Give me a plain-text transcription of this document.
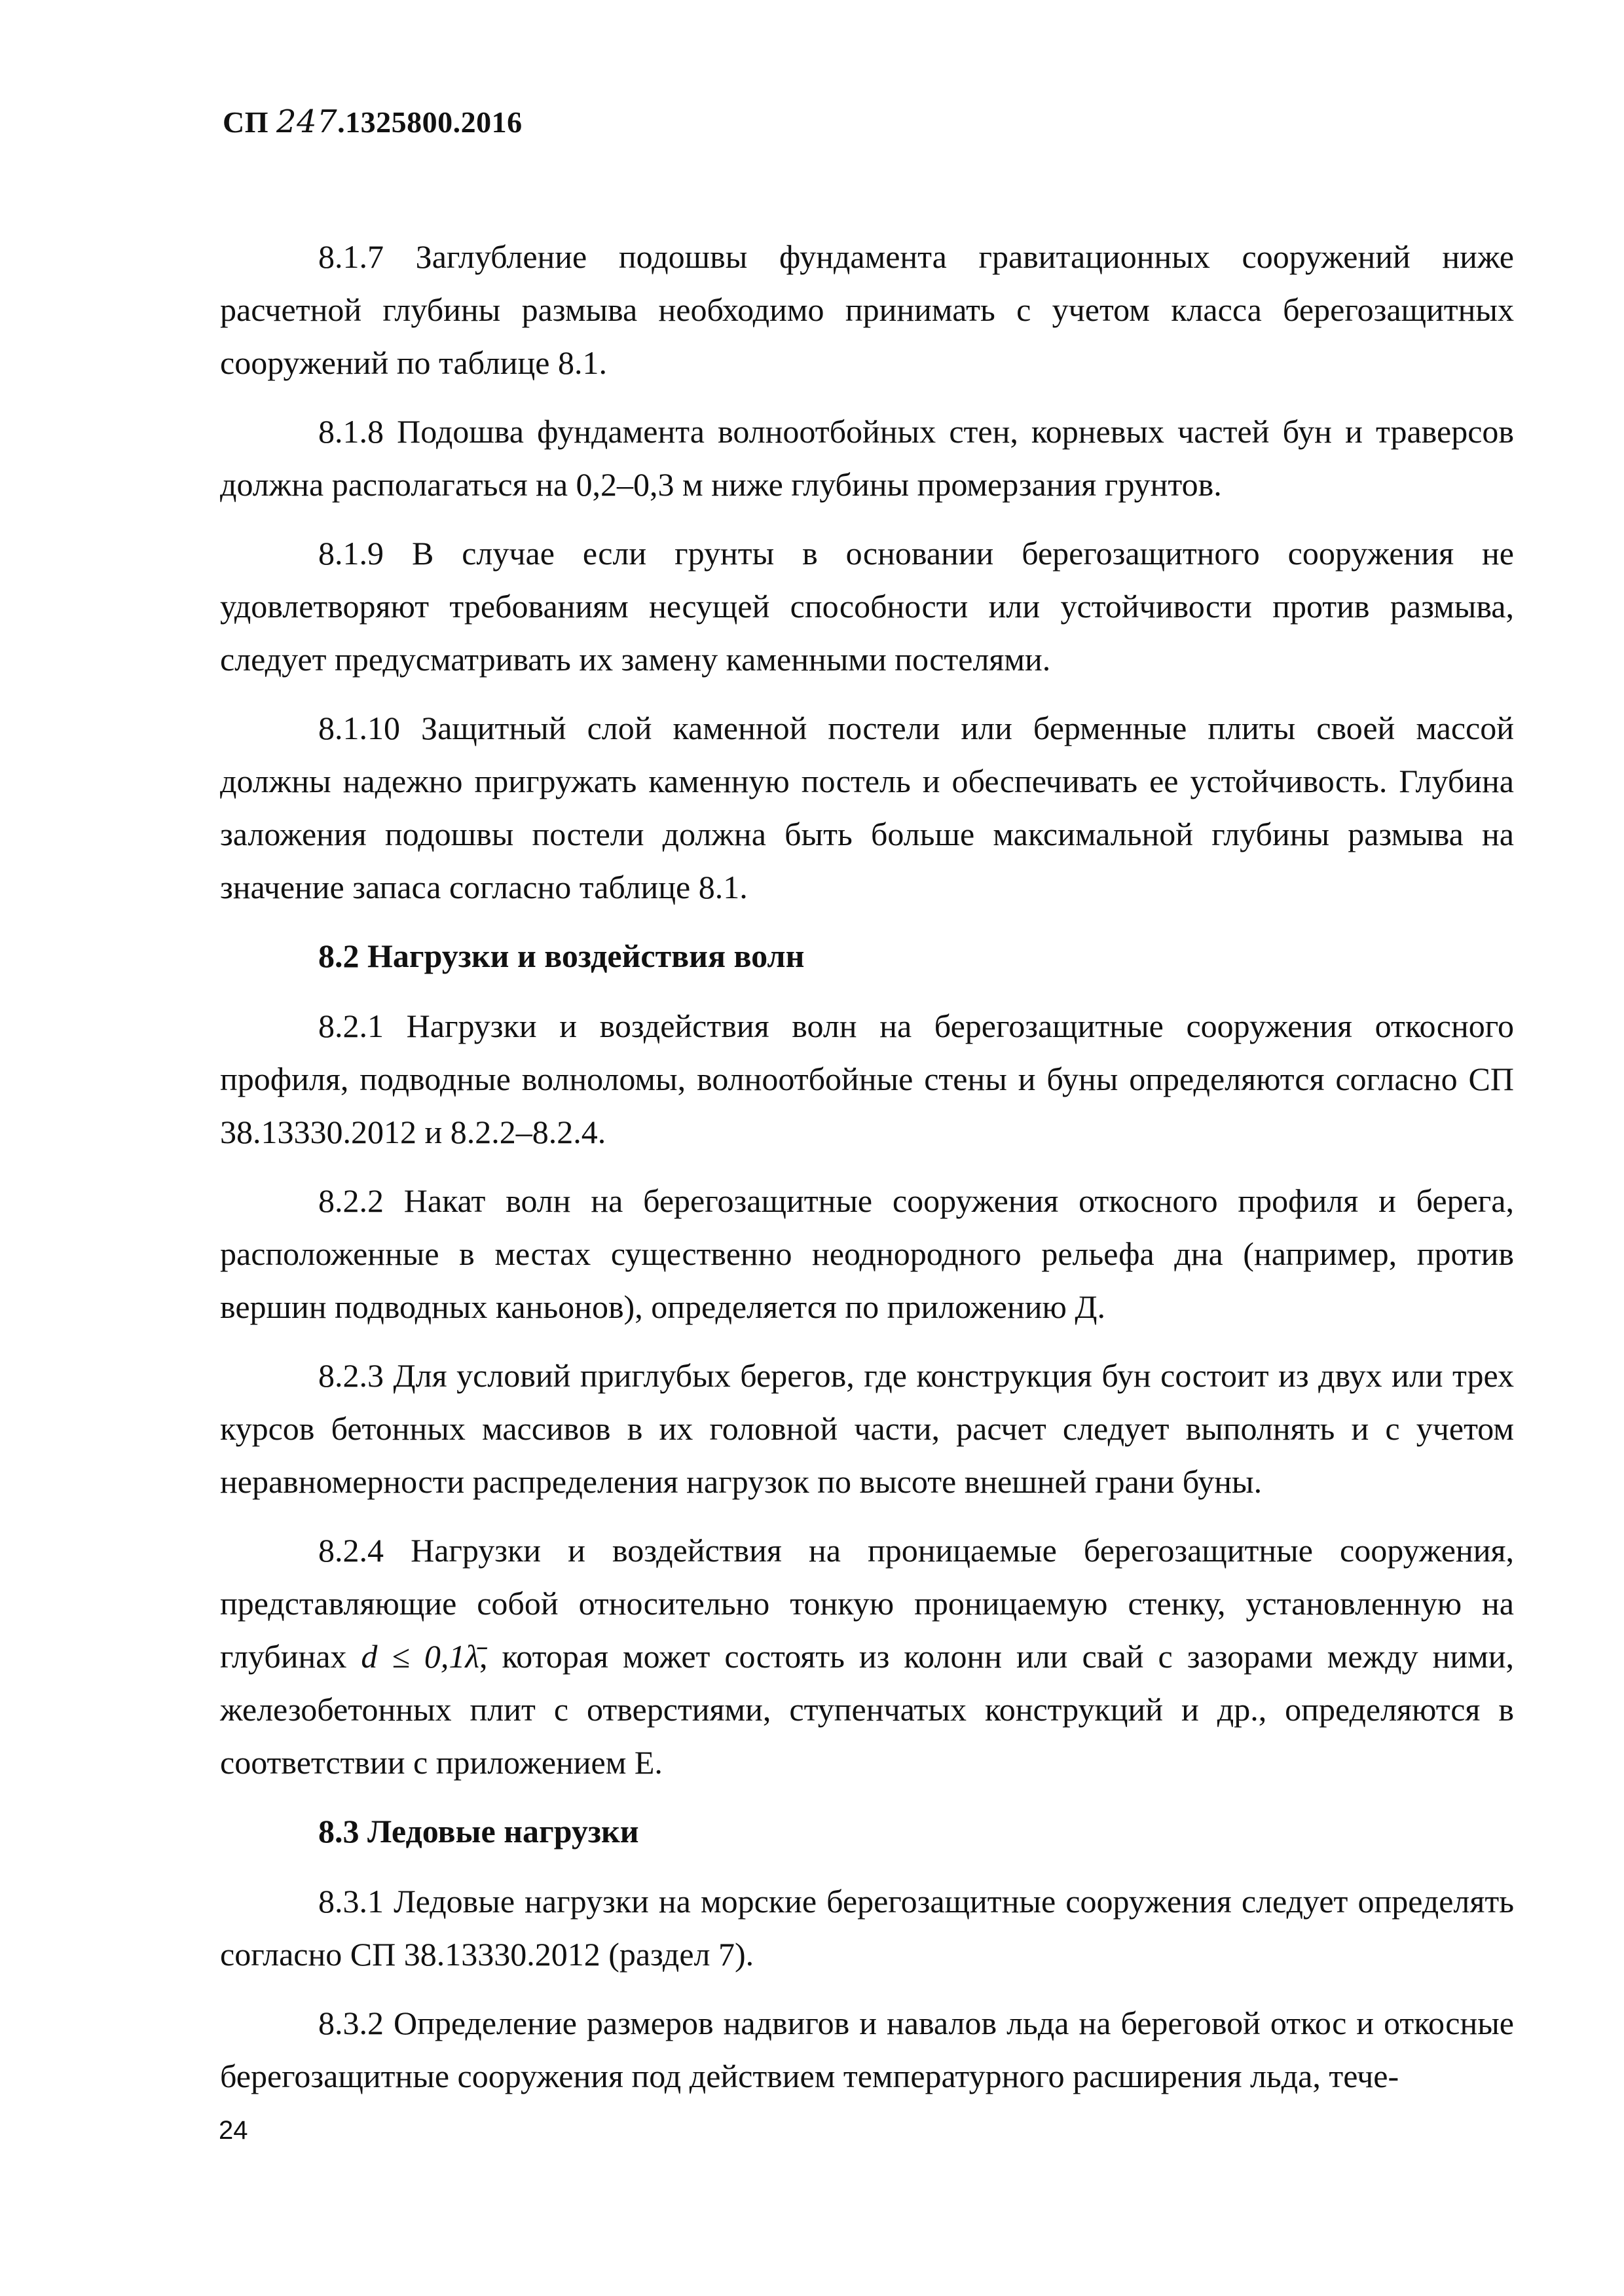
СП 247.1325800.2016

8.1.7 Заглубление подошвы фундамента гравитационных сооружений ниже расчетной глубины размыва необходимо принимать с учетом класса берегозащитных сооружений по таблице 8.1.

8.1.8 Подошва фундамента волноотбойных стен, корневых частей бун и траверсов должна располагаться на 0,2–0,3 м ниже глубины промерзания грунтов.

8.1.9 В случае если грунты в основании берегозащитного сооружения не удовлетворяют требованиям несущей способности или устойчивости против размыва, следует предусматривать их замену каменными постелями.

8.1.10 Защитный слой каменной постели или берменные плиты своей массой должны надежно пригружать каменную постель и обеспечивать ее устойчивость. Глубина заложения подошвы постели должна быть больше максимальной глубины размыва на значение запаса согласно таблице 8.1.

8.2 Нагрузки и воздействия волн

8.2.1 Нагрузки и воздействия волн на берегозащитные сооружения откосного профиля, подводные волноломы, волноотбойные стены и буны определяются согласно СП 38.13330.2012 и 8.2.2–8.2.4.

8.2.2 Накат волн на берегозащитные сооружения откосного профиля и берега, расположенные в местах существенно неоднородного рельефа дна (например, против вершин подводных каньонов), определяется по приложению Д.

8.2.3 Для условий приглубых берегов, где конструкция бун состоит из двух или трех курсов бетонных массивов в их головной части, расчет следует выполнять и с учетом неравномерности распределения нагрузок по высоте внешней грани буны.

8.2.4 Нагрузки и воздействия на проницаемые берегозащитные сооружения, представляющие собой относительно тонкую проницаемую стенку, установленную на глубинах d ≤ 0,1λ̄, которая может состоять из колонн или свай с зазорами между ними, железобетонных плит с отверстиями, ступенчатых конструкций и др., определяются в соответствии с приложением Е.

8.3 Ледовые нагрузки

8.3.1 Ледовые нагрузки на морские берегозащитные сооружения следует определять согласно СП 38.13330.2012 (раздел 7).

8.3.2 Определение размеров надвигов и навалов льда на береговой откос и откосные берегозащитные сооружения под действием температурного расширения льда, тече-

24
